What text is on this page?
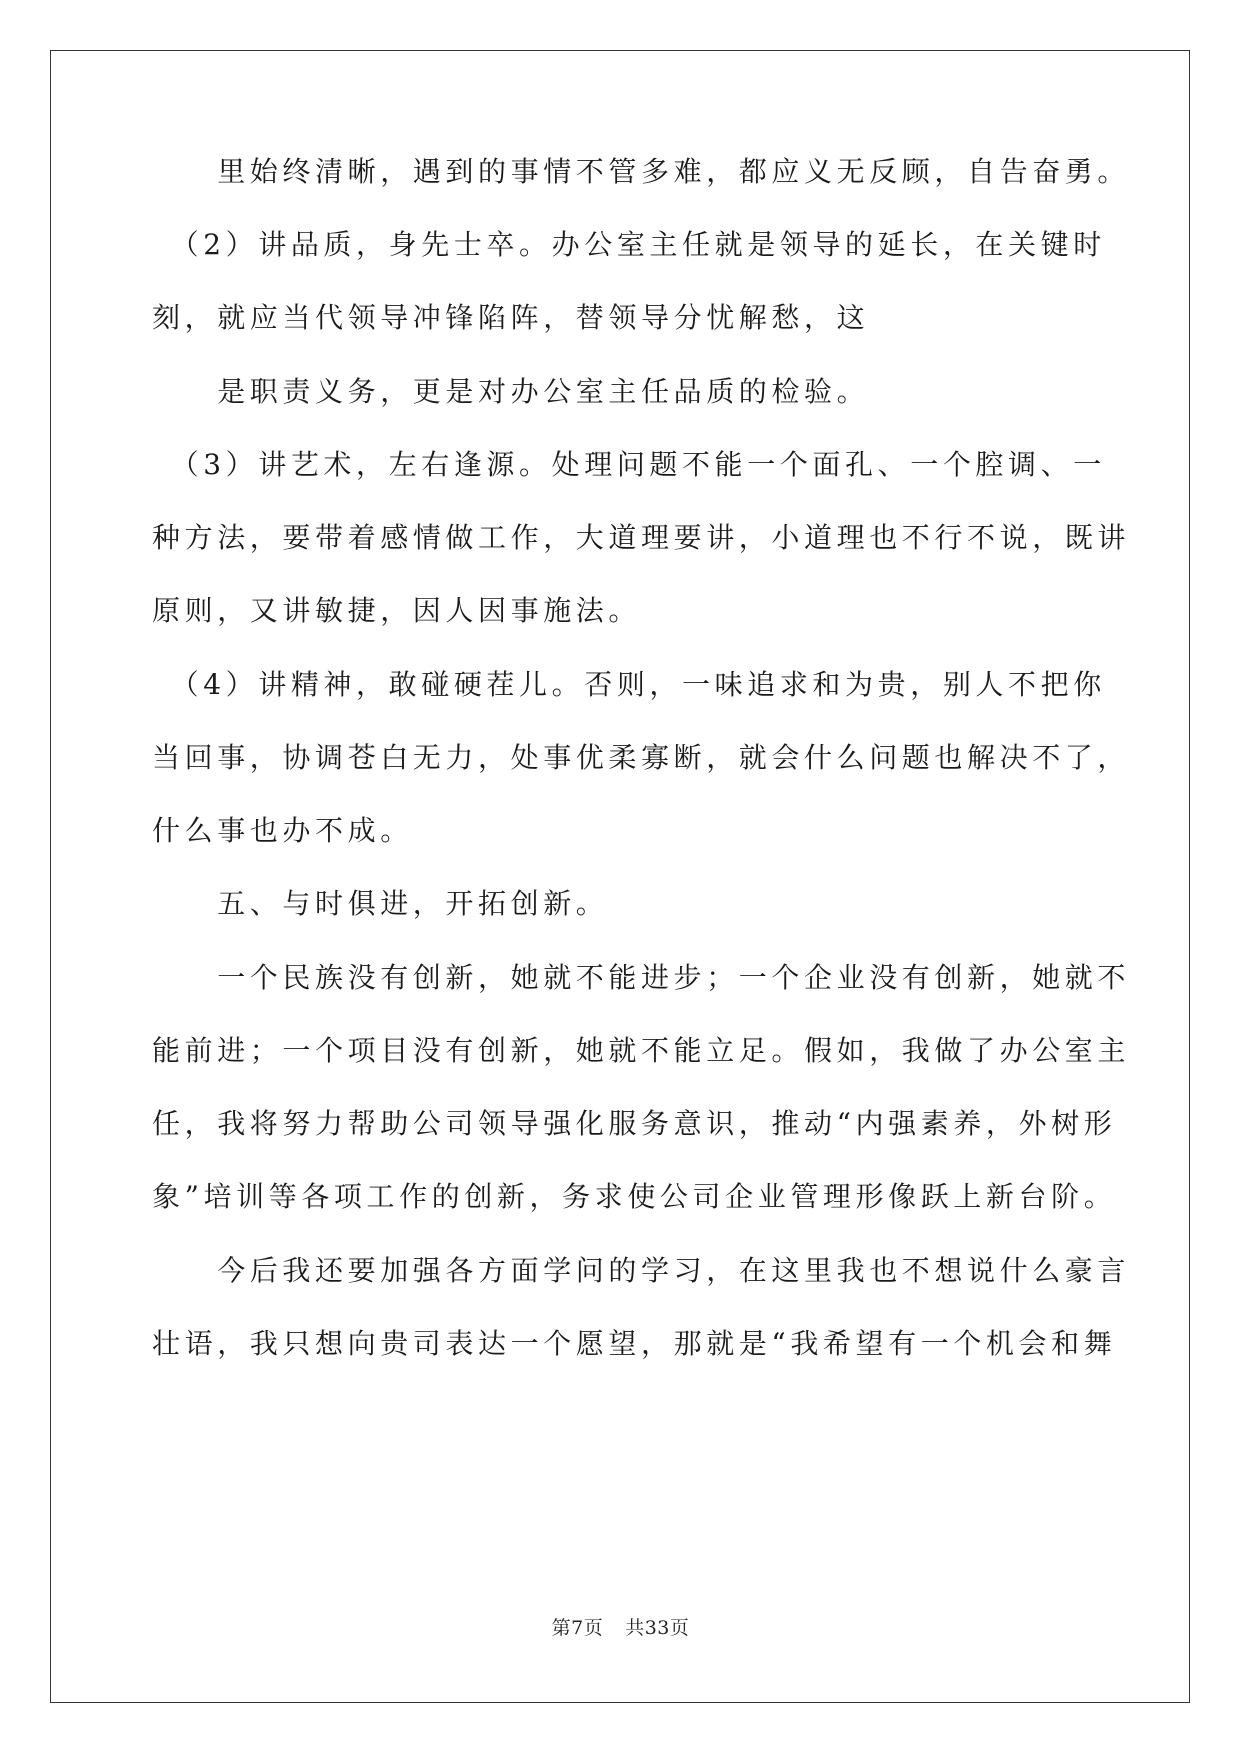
　　里始终清晰，遇到的事情不管多难，都应义无反顾，自告奋勇。
　（2）讲品质，身先士卒。办公室主任就是领导的延长，在关键时
刻，就应当代领导冲锋陷阵，替领导分忧解愁，这
　　是职责义务，更是对办公室主任品质的检验。
　（3）讲艺术，左右逢源。处理问题不能一个面孔、一个腔调、一
种方法，要带着感情做工作，大道理要讲，小道理也不行不说，既讲
原则，又讲敏捷，因人因事施法。
　（4）讲精神，敢碰硬茬儿。否则，一味追求和为贵，别人不把你
当回事，协调苍白无力，处事优柔寡断，就会什么问题也解决不了，
什么事也办不成。
　　五、与时俱进，开拓创新。
　　一个民族没有创新，她就不能进步；一个企业没有创新，她就不
能前进；一个项目没有创新，她就不能立足。假如，我做了办公室主
任，我将努力帮助公司领导强化服务意识，推动“内强素养，外树形
象”培训等各项工作的创新，务求使公司企业管理形像跃上新台阶。
　　今后我还要加强各方面学问的学习，在这里我也不想说什么豪言
壮语，我只想向贵司表达一个愿望，那就是“我希望有一个机会和舞
第7页 共33页
